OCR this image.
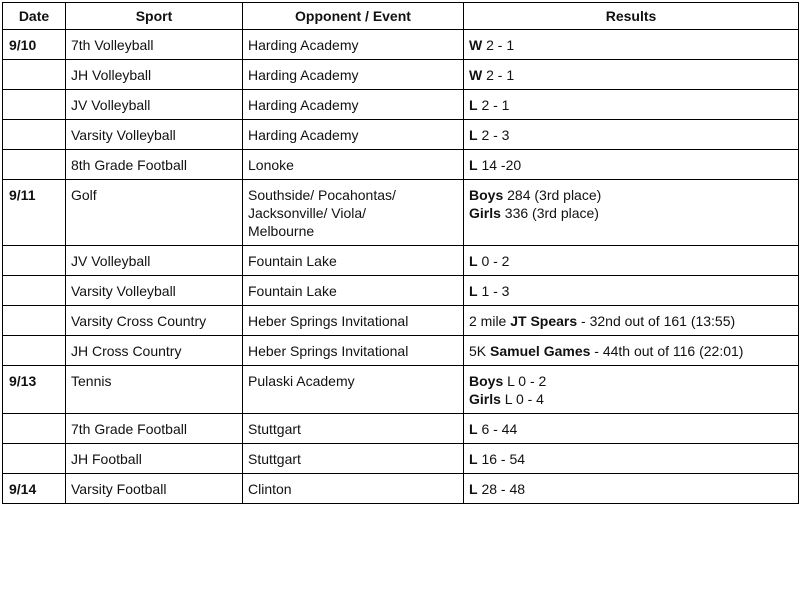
Date	Sport	Opponent / Event	Results
9/10	7th Volleyball	Harding Academy	W 2 - 1

	JH Volleyball	Harding Academy	W 2 - 1

	JV Volleyball	Harding Academy	L 2 - 1

	Varsity Volleyball	Harding Academy	L 2 - 3

	8th Grade Football	Lonoke	L 14 -20

9/11	Golf	Southside/ Pocahontas/
Jacksonville/ Viola/
Melbourne	Boys 284 (3rd place)
Girls 336 (3rd place)

	JV Volleyball	Fountain Lake	L 0 - 2

	Varsity Volleyball	Fountain Lake	L 1 - 3

	Varsity Cross Country	Heber Springs Invitational	2 mile JT Spears - 32nd out of 161 (13:55)

	JH Cross Country	Heber Springs Invitational	5K Samuel Games - 44th out of 116 (22:01)

9/13	Tennis	Pulaski Academy	Boys L 0 - 2
Girls L 0 - 4

	7th Grade Football	Stuttgart	L 6 - 44

	JH Football	Stuttgart	L 16 - 54

9/14	Varsity Football	Clinton	L 28 - 48
